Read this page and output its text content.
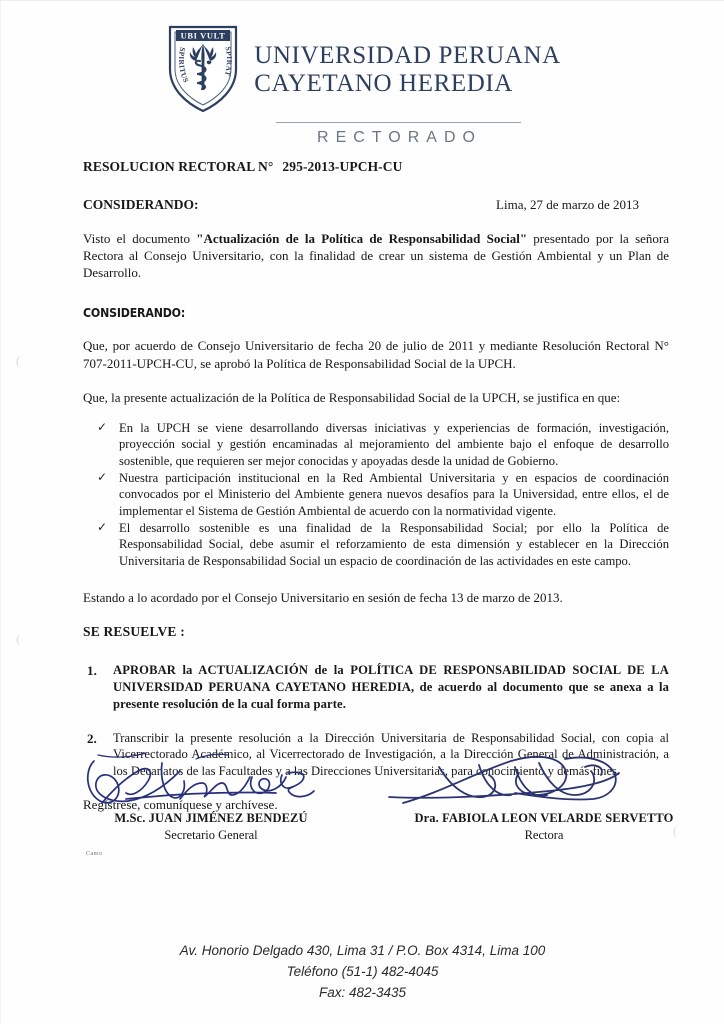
UBI VULT
SPIRITUS
SPIRAT
UNIVERSIDAD PERUANA
CAYETANO HEREDIA
RECTORADO
RESOLUCION RECTORAL N° 295-2013-UPCH-CU
Lima, 27 de marzo de 2013
CONSIDERANDO:

Visto el documento "Actualización de la Política de Responsabilidad Social" presentado por la señora Rectora al Consejo Universitario, con la finalidad de crear un sistema de Gestión Ambiental y un Plan de Desarrollo.

CONSIDERANDO:

Que, por acuerdo de Consejo Universitario de fecha 20 de julio de 2011 y mediante Resolución Rectoral N° 707-2011-UPCH-CU, se aprobó la Política de Responsabilidad Social de la UPCH.

Que, la presente actualización de la Política de Responsabilidad Social de la UPCH, se justifica en que:

✓ En la UPCH se viene desarrollando diversas iniciativas y experiencias de formación, investigación, proyección social y gestión encaminadas al mejoramiento del ambiente bajo el enfoque de desarrollo sostenible, que requieren ser mejor conocidas y apoyadas desde la unidad de Gobierno.
✓ Nuestra participación institucional en la Red Ambiental Universitaria y en espacios de coordinación convocados por el Ministerio del Ambiente genera nuevos desafíos para la Universidad, entre ellos, el de implementar el Sistema de Gestión Ambiental de acuerdo con la normatividad vigente.
✓ El desarrollo sostenible es una finalidad de la Responsabilidad Social; por ello la Política de Responsabilidad Social, debe asumir el reforzamiento de esta dimensión y establecer en la Dirección Universitaria de Responsabilidad Social un espacio de coordinación de las actividades en este campo.

Estando a lo acordado por el Consejo Universitario en sesión de fecha 13 de marzo de 2013.

SE RESUELVE :
1. APROBAR la ACTUALIZACIÓN de la POLÍTICA DE RESPONSABILIDAD SOCIAL DE LA UNIVERSIDAD PERUANA CAYETANO HEREDIA, de acuerdo al documento que se anexa a la presente resolución de la cual forma parte.
2. Transcribir la presente resolución a la Dirección Universitaria de Responsabilidad Social, con copia al Vicerrectorado Académico, al Vicerrectorado de Investigación, a la Dirección General de Administración, a los Decanatos de las Facultades y a las Direcciones Universitarias, para conocimiento y demás fines.
Regístrese, comuníquese y archívese.
(
(
(
M.Sc. JUAN JIMÉNEZ BENDEZÚ
Secretario General
Camu
Dra. FABIOLA LEON VELARDE SERVETTO
Rectora
Av. Honorio Delgado 430, Lima 31 / P.O. Box 4314, Lima 100
Teléfono (51-1) 482-4045
Fax: 482-3435
